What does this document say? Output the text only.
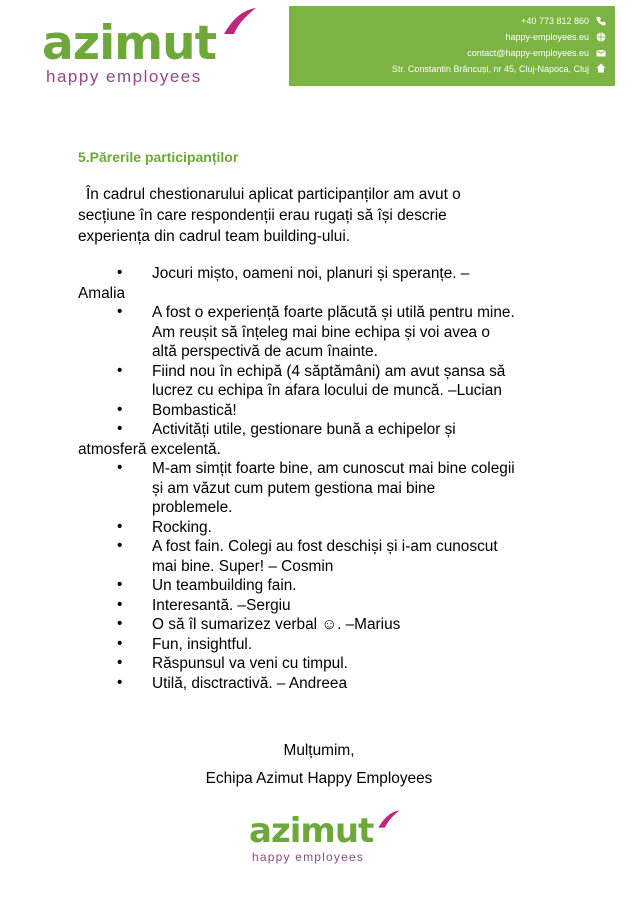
azimut
happy employees
+40 773 812 860
happy-employees.eu
contact@happy-employees.eu
Str. Constantin Brâncuși, nr 45, Cluj-Napoca, Cluj
5.Părerile participanților
În cadrul chestionarului aplicat participanților am avut o
secțiune în care respondenții erau rugați să își descrie
experiența din cadrul team building-ului.
• Jocuri mișto, oameni noi, planuri și speranțe. –
Amalia
• A fost o experiență foarte plăcută și utilă pentru mine.
Am reușit să înțeleg mai bine echipa și voi avea o
altă perspectivă de acum înainte.
• Fiind nou în echipă (4 săptămâni) am avut șansa să
lucrez cu echipa în afara locului de muncă. –Lucian
• Bombastică!
• Activități utile, gestionare bună a echipelor și
atmosferă excelentă.
• M-am simțit foarte bine, am cunoscut mai bine colegii
și am văzut cum putem gestiona mai bine
problemele.
• Rocking.
• A fost fain. Colegi au fost deschiși și i-am cunoscut
mai bine. Super! – Cosmin
• Un teambuilding fain.
• Interesantă. –Sergiu
• O să îl sumarizez verbal ☺. –Marius
• Fun, insightful.
• Răspunsul va veni cu timpul.
• Utilă, disctractivă. – Andreea
Mulțumim,
Echipa Azimut Happy Employees
azimut
happy employees
